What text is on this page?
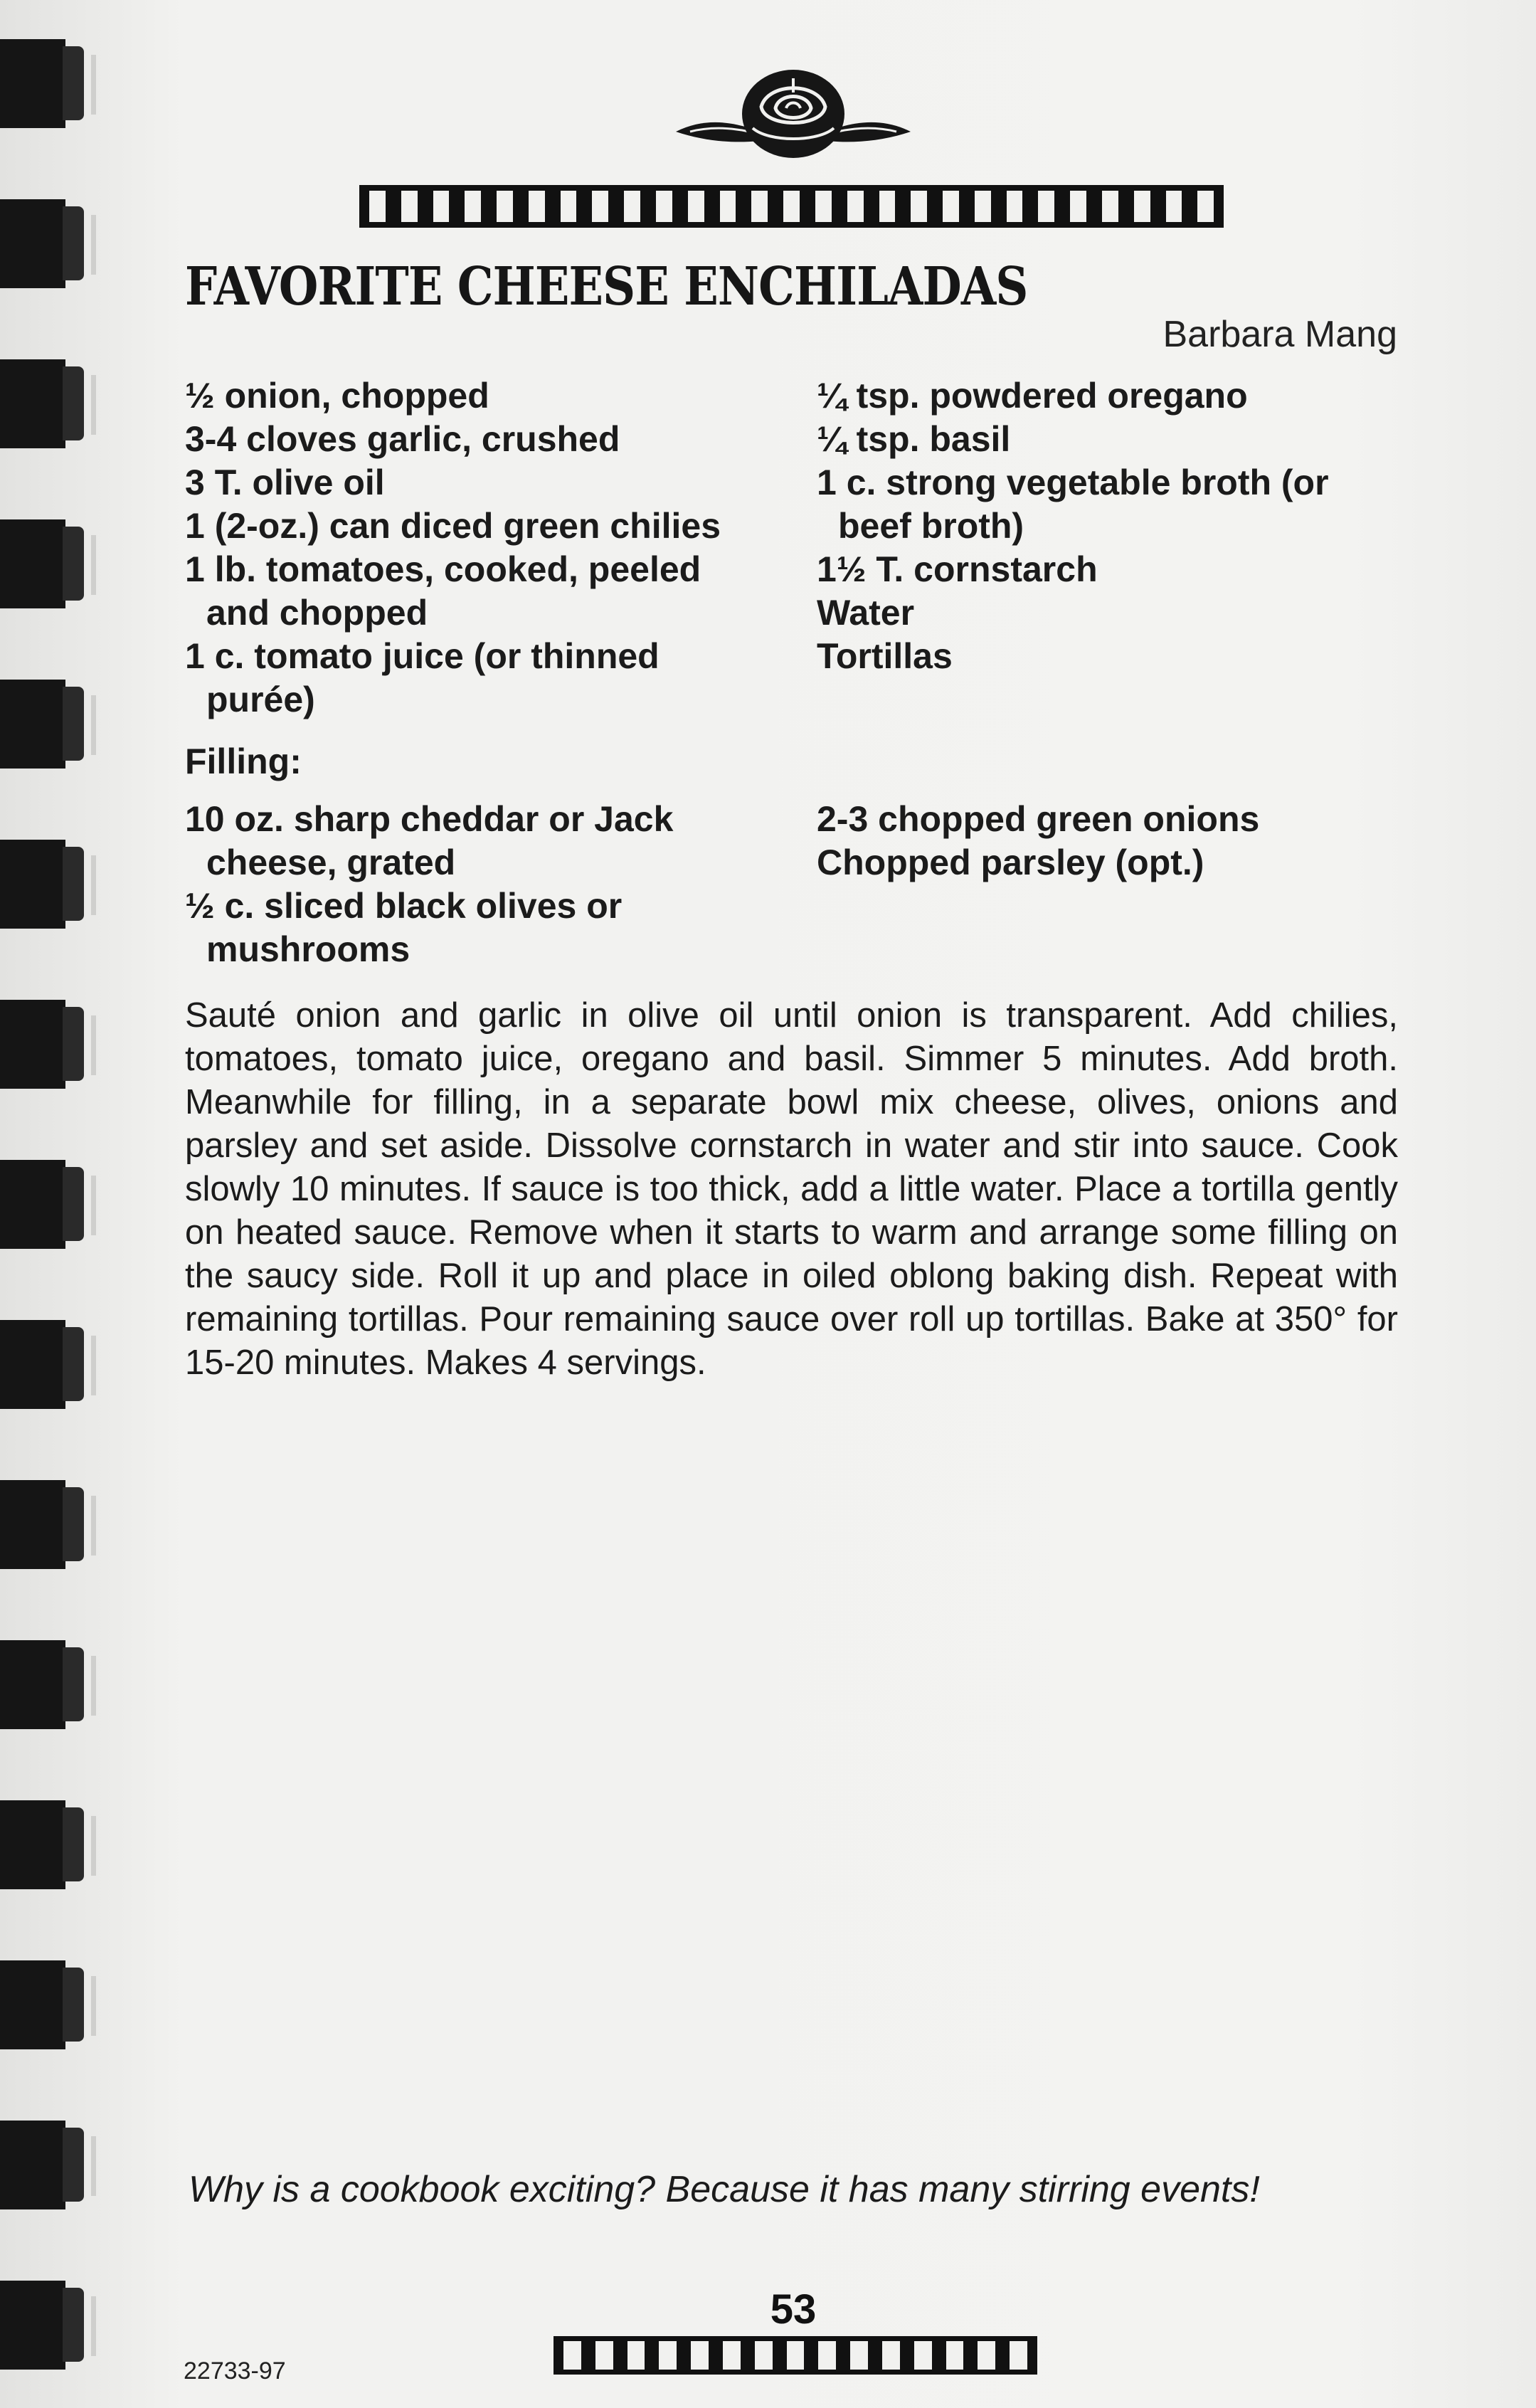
FAVORITE CHEESE ENCHILADAS
Barbara Mang
½ onion, chopped
3-4 cloves garlic, crushed
3 T. olive oil
1 (2-oz.) can diced green chilies
1 lb. tomatoes, cooked, peeled
and chopped
1 c. tomato juice (or thinned
purée)
¼ tsp. powdered oregano
¼ tsp. basil
1 c. strong vegetable broth (or
beef broth)
1½ T. cornstarch
Water
Tortillas
Filling:
10 oz. sharp cheddar or Jack
cheese, grated
½ c. sliced black olives or
mushrooms
2-3 chopped green onions
Chopped parsley (opt.)
Sauté onion and garlic in olive oil until onion is transparent. Add chilies, tomatoes, tomato juice, oregano and basil. Simmer 5 minutes. Add broth. Meanwhile for filling, in a separate bowl mix cheese, olives, onions and parsley and set aside. Dissolve cornstarch in water and stir into sauce. Cook slowly 10 minutes. If sauce is too thick, add a little water. Place a tortilla gently on heated sauce. Remove when it starts to warm and arrange some filling on the saucy side. Roll it up and place in oiled oblong baking dish. Repeat with remaining tortillas. Pour remaining sauce over roll up tortillas. Bake at 350° for 15-20 minutes. Makes 4 servings.
Why is a cookbook exciting? Because it has many stirring events!
53
22733-97
